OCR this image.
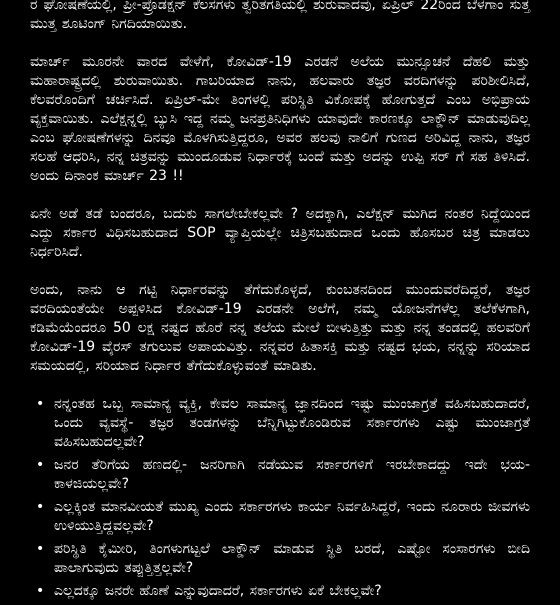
ರ ಘೋಷಣೆಯಲ್ಲಿ, ಪ್ರೀ-ಪ್ರೊಡಕ್ಷನ್ ಕೆಲಸಗಳು ತ್ವರಿತಗತಿಯಲ್ಲಿ ಶುರುವಾದವು, ಏಪ್ರಿಲ್ 22ರಿಂದ ಬೆಳಗಾಂ ಸುತ್ತ ಮುತ್ತ ಶೂಟಿಂಗ್ ನಿಗದಿಯಾಯಿತು.

ಮಾರ್ಚ್ ಮೂರನೇ ವಾರದ ವೇಳೆಗೆ, ಕೋವಿಡ್-19 ಎರಡನೆ ಅಲೆಯ ಮುನ್ಸೂಚನೆ ದೆಹಲಿ ಮತ್ತು ಮಹಾರಾಷ್ಟ್ರದಲ್ಲಿ ಶುರುವಾಯಿತು. ಗಾಬರಿಯಾದ ನಾನು, ಹಲವಾರು ತಜ್ಞರ ವರದಿಗಳನ್ನು ಪರಿಶೀಲಿಸಿದೆ, ಕೆಲವರೊಂದಿಗೆ ಚರ್ಚಿಸಿದೆ. ಏಪ್ರಿಲ್-ಮೇ ತಿಂಗಳಲ್ಲಿ ಪರಿಸ್ಥಿತಿ ವಿಕೋಪಕ್ಕೆ ಹೋಗುತ್ತದೆ ಎಂಬ ಅಭಿಪ್ರಾಯ ವ್ಯಕ್ತವಾಯಿತು. ಎಲೆಕ್ಷನ್ನಲ್ಲಿ ಬ್ಯುಸಿ ಇದ್ದ ನಮ್ಮ ಜನಪ್ರತಿನಿಧಿಗಳು ಯಾವುದೇ ಕಾರಣಕ್ಕೂ ಲಾಕ್ಡೌನ್ ಮಾಡುವುದಿಲ್ಲ ಎಂಬ ಘೋಷಣೆಗಳನ್ನು ದಿನವೂ ಮೊಳಗಿಸುತ್ತಿದ್ದರೂ, ಅವರ ಹಲವು ನಾಲಿಗೆ ಗುಣದ ಅರಿವಿದ್ದ ನಾನು, ತಜ್ಞರ ಸಲಹೆ ಆಧರಿಸಿ, ನನ್ನ ಚಿತ್ರವನ್ನು ಮುಂದೂಡುವ ನಿರ್ಧಾರಕ್ಕೆ ಬಂದೆ ಮತ್ತು ಅದನ್ನು ಉಪ್ಪಿ ಸರ್ ಗೆ ಸಹ ತಿಳಿಸಿದೆ. ಅಂದು ದಿನಾಂಕ ಮಾರ್ಚ್ 23 !!

ಏನೇ ಅಡೆ ತಡೆ ಬಂದರೂ, ಬದುಕು ಸಾಗಲೇಬೇಕಲ್ಲವೇ ? ಅದಕ್ಕಾಗಿ, ಎಲೆಕ್ಷನ್ ಮುಗಿದ ನಂತರ ನಿದ್ದೆಯಿಂದ ಎದ್ದು ಸರ್ಕಾರ ವಿಧಿಸಬಹುದಾದ SOP ವ್ಯಾಪ್ತಿಯಲ್ಲೇ ಚಿತ್ರಿಸಬಹುದಾದ ಒಂದು ಹೊಸಬರ ಚಿತ್ರ ಮಾಡಲು ನಿರ್ಧರಿಸಿದೆ.

ಅಂದು, ನಾನು ಆ ಗಟ್ಟಿ ನಿರ್ಧಾರವನ್ನು ತೆಗೆದುಕೊಳ್ಳದೆ, ಕುಂಬತನದಿಂದ ಮುಂದುವರೆದಿದ್ದರೆ, ತಜ್ಞರ ವರದಿಯಂತೆಯೇ ಅಪ್ಪಳಿಸಿದ ಕೋವಿಡ್-19 ಎರಡನೇ ಅಲೆಗೆ, ನಮ್ಮ ಯೋಜನೆಗಳೆಲ್ಲ ತಲೆಕೆಳಗಾಗಿ, ಕಡಿಮೆಯೆಂದರೂ 50 ಲಕ್ಷ ನಷ್ಟದ ಹೊರೆ ನನ್ನ ತಲೆಯ ಮೇಲೆ ಬೀಳುತ್ತಿತ್ತು ಮತ್ತು ನನ್ನ ತಂಡದಲ್ಲಿ ಹಲವರಿಗೆ ಕೋವಿಡ್-19 ವೈರಸ್ ತಗುಲುವ ಅಪಾಯವಿತ್ತು. ನನ್ನವರ ಹಿತಾಸಕ್ತಿ ಮತ್ತು ನಷ್ಟದ ಭಯ, ನನ್ನನ್ನು ಸರಿಯಾದ ಸಮಯದಲ್ಲಿ, ಸರಿಯಾದ ನಿರ್ಧಾರ ತೆಗೆದುಕೊಳ್ಳುವಂತೆ ಮಾಡಿತು.

• ನನ್ನಂತಹ ಒಬ್ಬ ಸಾಮಾನ್ಯ ವ್ಯಕ್ತಿ, ಕೇವಲ ಸಾಮಾನ್ಯ ಜ್ಞಾನದಿಂದ ಇಷ್ಟು ಮುಂಜಾಗ್ರತೆ ವಹಿಸಬಹುದಾದರೆ, ಒಂದು ವ್ಯವಸ್ಥೆ- ತಜ್ಞರ ತಂಡಗಳನ್ನು ಬೆನ್ನಿಗಿಟ್ಟುಕೊಂಡಿರುವ ಸರ್ಕಾರಗಳು ಎಷ್ಟು ಮುಂಜಾಗ್ರತೆ ವಹಿಸಬಹುದಲ್ಲವೇ?
• ಜನರ ತೆರಿಗೆಯ ಹಣದಲ್ಲಿ- ಜನರಿಗಾಗಿ ನಡೆಯುವ ಸರ್ಕಾರಗಳಿಗೆ ಇರಬೇಕಾದದ್ದು ಇದೇ ಭಯ- ಕಾಳಜಿಯಲ್ಲವೇ?
• ಎಲ್ಲಕ್ಕಿಂತ ಮಾನವೀಯತೆ ಮುಖ್ಯ ಎಂದು ಸರ್ಕಾರಗಳು ಕಾರ್ಯ ನಿರ್ವಹಿಸಿದ್ದರೆ, ಇಂದು ನೂರಾರು ಜೀವಗಳು ಉಳಿಯುತ್ತಿದ್ದವಲ್ಲವೇ?
• ಪರಿಸ್ಥಿತಿ ಕೈಮೀರಿ, ತಿಂಗಳುಗಟ್ಟಲೆ ಲಾಕ್ಡೌನ್ ಮಾಡುವ ಸ್ಥಿತಿ ಬರದೆ, ಎಷ್ಟೋ ಸಂಸಾರಗಳು ಬೀದಿ ಪಾಲಾಗುವುದು ತಪ್ಪುತ್ತಿತ್ತಲ್ಲವೇ?
• ಎಲ್ಲದಕ್ಕೂ ಜನರೇ ಹೊಣೆ ಎನ್ನುವುದಾದರೆ, ಸರ್ಕಾರಗಳು ಏಕೆ ಬೇಕಲ್ಲವೇ?
